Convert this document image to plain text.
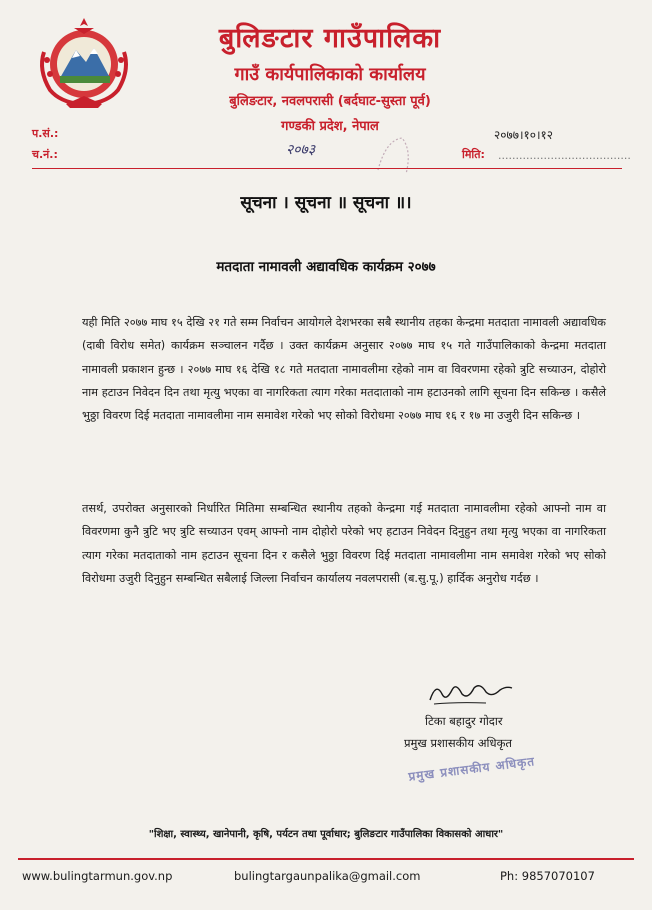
बुलिङटार गाउँपालिका
गाउँ कार्यपालिकाको कार्यालय
बुलिङटार, नवलपरासी (बर्दघाट-सुस्ता पूर्व)
गण्डकी प्रदेश, नेपाल
प.सं.:
च.नं.:
२०७७।१०।१२
मिति: ......................................
२०७३
सूचना । सूचना ॥ सूचना ॥।
मतदाता नामावली अद्यावधिक कार्यक्रम २०७७

यही मिति २०७७ माघ १५ देखि २१ गते सम्म निर्वाचन आयोगले देशभरका सबै स्थानीय तहका केन्द्रमा मतदाता नामावली अद्यावधिक (दाबी विरोध समेत) कार्यक्रम सञ्चालन गर्दैछ । उक्त कार्यक्रम अनुसार २०७७ माघ १५ गते गाउँपालिकाको केन्द्रमा मतदाता नामावली प्रकाशन हुन्छ । २०७७ माघ १६ देखि १८ गते मतदाता नामावलीमा रहेको नाम वा विवरणमा रहेको त्रुटि सच्याउन, दोहोरो नाम हटाउन निवेदन दिन तथा मृत्यु भएका वा नागरिकता त्याग गरेका मतदाताको नाम हटाउनको लागि सूचना दिन सकिन्छ । कसैले भुठ्ठा विवरण दिई मतदाता नामावलीमा नाम समावेश गरेको भए सोको विरोधमा २०७७ माघ १६ र १७ मा उजुरी दिन सकिन्छ ।

तसर्थ, उपरोक्त अनुसारको निर्धारित मितिमा सम्बन्धित स्थानीय तहको केन्द्रमा गई मतदाता नामावलीमा रहेको आफ्नो नाम वा विवरणमा कुनै त्रुटि भए त्रुटि सच्याउन एवम् आफ्नो नाम दोहोरो परेको भए हटाउन निवेदन दिनुहुन तथा मृत्यु भएका वा नागरिकता त्याग गरेका मतदाताको नाम हटाउन सूचना दिन र कसैले भुठ्ठा विवरण दिई मतदाता नामावलीमा नाम समावेश गरेको भए सोको विरोधमा उजुरी दिनुहुन सम्बन्धित सबैलाई जिल्ला निर्वाचन कार्यालय नवलपरासी (ब.सु.पू.) हार्दिक अनुरोध गर्दछ ।

टिका बहादुर गोदार
प्रमुख प्रशासकीय अधिकृत
प्रमुख प्रशासकीय अधिकृत
"शिक्षा, स्वास्थ्य, खानेपानी, कृषि, पर्यटन तथा पूर्वाधार; बुलिङटार गाउँपालिका विकासको आधार"
www.bulingtarmun.gov.np	bulingtargaunpalika@gmail.com	Ph: 9857070107
